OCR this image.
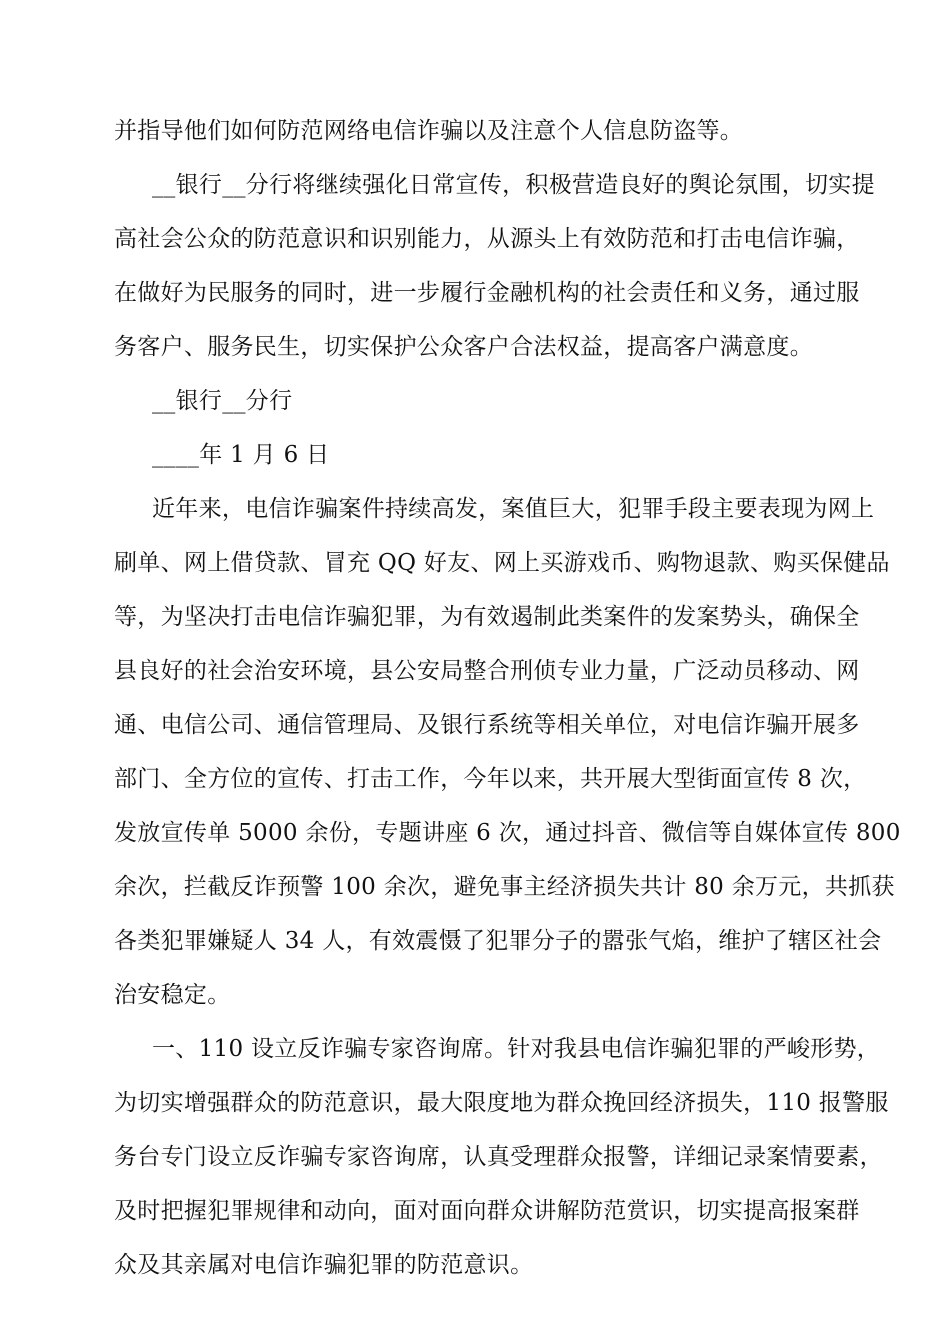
并指导他们如何防范网络电信诈骗以及注意个人信息防盗等。
__银行__分行将继续强化日常宣传，积极营造良好的舆论氛围，切实提
高社会公众的防范意识和识别能力，从源头上有效防范和打击电信诈骗，
在做好为民服务的同时，进一步履行金融机构的社会责任和义务，通过服
务客户、服务民生，切实保护公众客户合法权益，提高客户满意度。
__银行__分行
____年 1 月 6 日
近年来，电信诈骗案件持续高发，案值巨大，犯罪手段主要表现为网上
刷单、网上借贷款、冒充 QQ 好友、网上买游戏币、购物退款、购买保健品
等，为坚决打击电信诈骗犯罪，为有效遏制此类案件的发案势头，确保全
县良好的社会治安环境，县公安局整合刑侦专业力量，广泛动员移动、网
通、电信公司、通信管理局、及银行系统等相关单位，对电信诈骗开展多
部门、全方位的宣传、打击工作，今年以来，共开展大型街面宣传 8 次，
发放宣传单 5000 余份，专题讲座 6 次，通过抖音、微信等自媒体宣传 800
余次，拦截反诈预警 100 余次，避免事主经济损失共计 80 余万元，共抓获
各类犯罪嫌疑人 34 人，有效震慑了犯罪分子的嚣张气焰，维护了辖区社会
治安稳定。
一、110 设立反诈骗专家咨询席。针对我县电信诈骗犯罪的严峻形势，
为切实增强群众的防范意识，最大限度地为群众挽回经济损失，110 报警服
务台专门设立反诈骗专家咨询席，认真受理群众报警，详细记录案情要素，
及时把握犯罪规律和动向，面对面向群众讲解防范赏识，切实提高报案群
众及其亲属对电信诈骗犯罪的防范意识。
